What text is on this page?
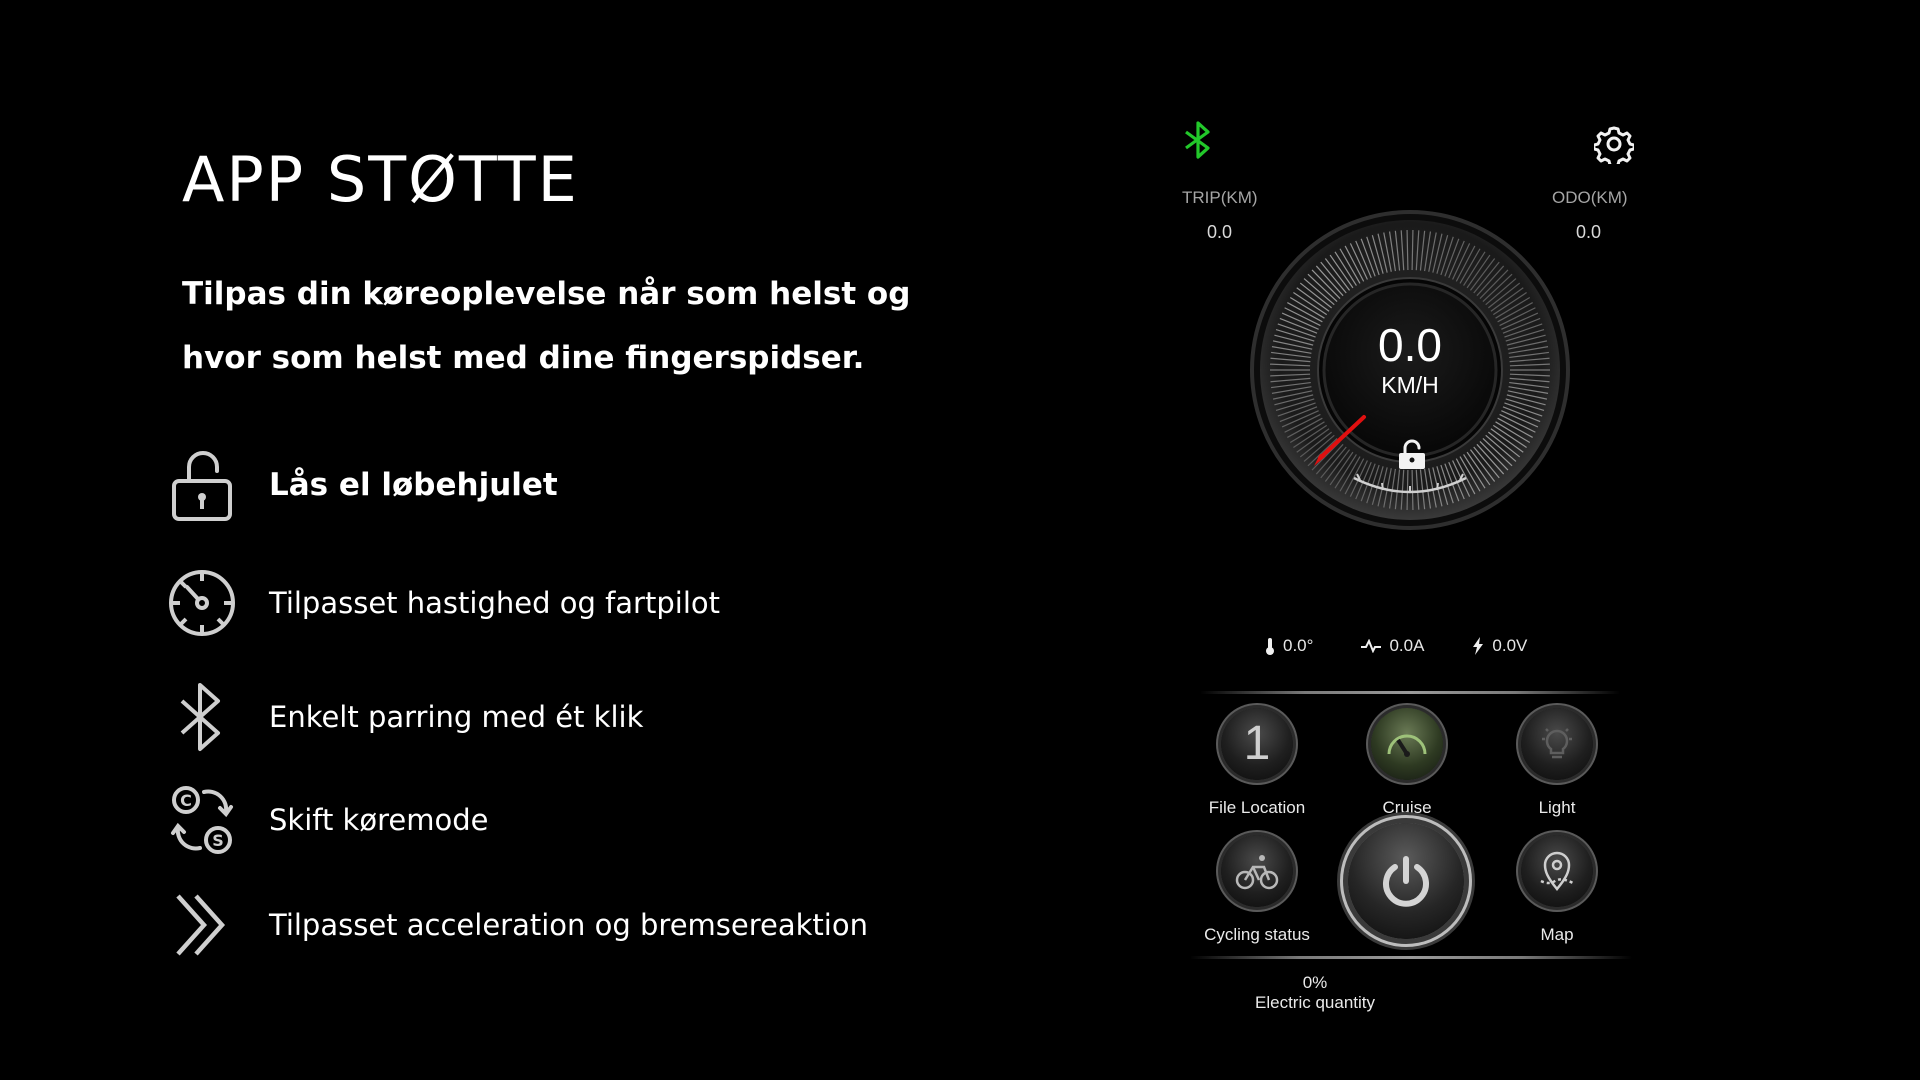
APP STØTTE

Tilpas din køreoplevelse når som helst og hvor som helst med dine fingerspidser.

Lås el løbehjulet
Tilpasset hastighed og fartpilot
Enkelt parring med ét klik
C
S
Skift køremode
Tilpasset acceleration og bremsereaktion
TRIP(KM)
0.0
ODO(KM)
0.0
0.0
KM/H
0.0°	0.0A	0.0V
1
File Location	Cruise	Light
Cycling status	Map
0%
Electric quantity
